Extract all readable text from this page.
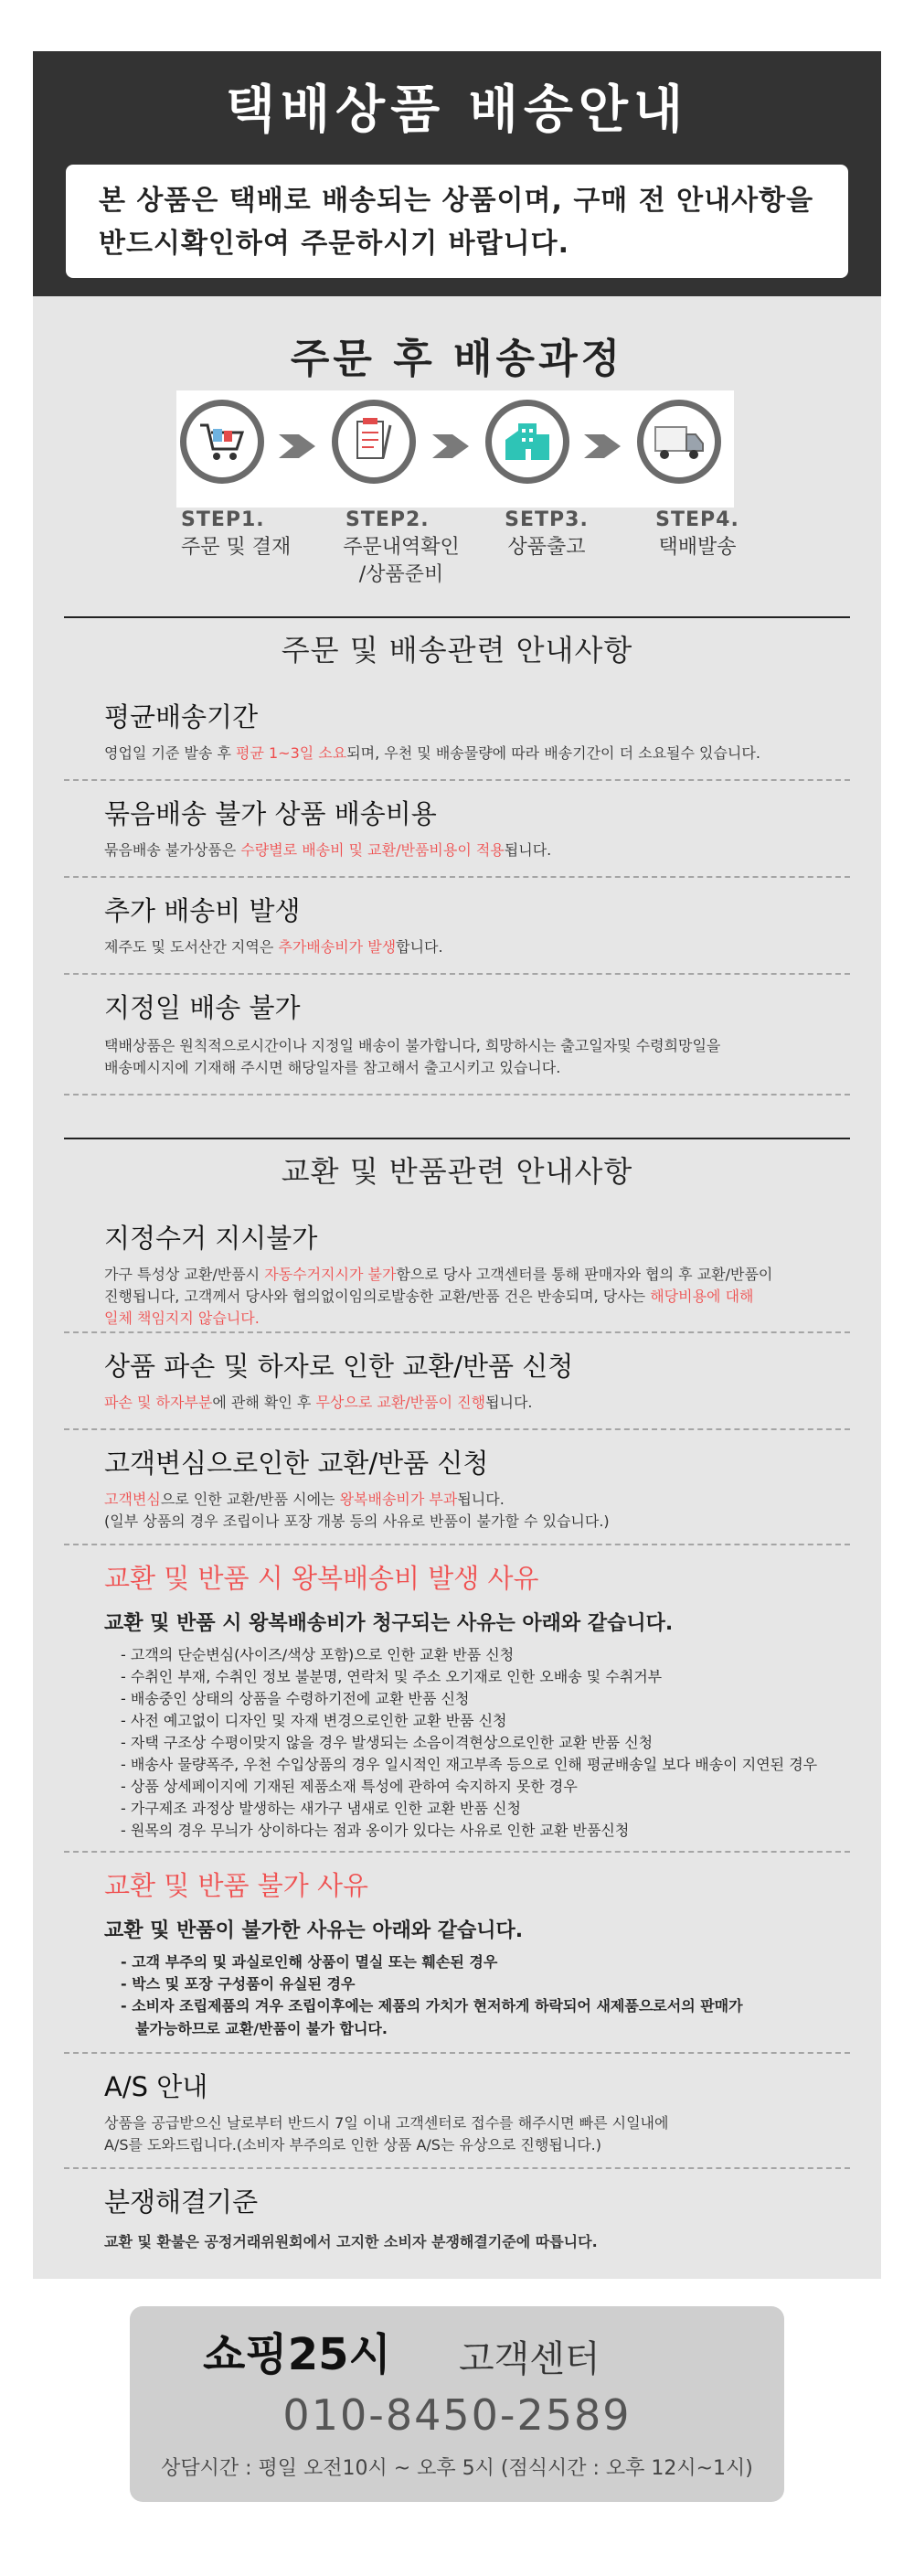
택배상품 배송안내
본 상품은 택배로 배송되는 상품이며, 구매 전 안내사항을
반드시확인하여 주문하시기 바랍니다.
주문 후 배송과정
STEP1.
주문 및 결재
STEP2.
주문내역확인
/상품준비
SETP3.
상품출고
STEP4.
택배발송
주문 및 배송관련 안내사항
평균배송기간

영업일 기준 발송 후 평균 1~3일 소요되며, 우천 및 배송물량에 따라 배송기간이 더 소요될수 있습니다.

묶음배송 불가 상품 배송비용

묶음배송 불가상품은 수량별로 배송비 및 교환/반품비용이 적용됩니다.

추가 배송비 발생

제주도 및 도서산간 지역은 추가배송비가 발생합니다.

지정일 배송 불가

택배상품은 원칙적으로시간이나 지정일 배송이 불가합니다, 희망하시는 출고일자및 수령희망일을
배송메시지에 기재해 주시면 해당일자를 참고해서 출고시키고 있습니다.

교환 및 반품관련 안내사항
지정수거 지시불가

가구 특성상 교환/반품시 자동수거지시가 불가함으로 당사 고객센터를 통해 판매자와 협의 후 교환/반품이
진행됩니다, 고객께서 당사와 협의없이임의로발송한 교환/반품 건은 반송되며, 당사는 해당비용에 대해
일체 책임지지 않습니다.

상품 파손 및 하자로 인한 교환/반품 신청

파손 및 하자부분에 관해 확인 후 무상으로 교환/반품이 진행됩니다.

고객변심으로인한 교환/반품 신청

고객변심으로 인한 교환/반품 시에는 왕복배송비가 부과됩니다.
(일부 상품의 경우 조립이나 포장 개봉 등의 사유로 반품이 불가할 수 있습니다.)

교환 및 반품 시 왕복배송비 발생 사유
교환 및 반품 시 왕복배송비가 청구되는 사유는 아래와 같습니다.
- 고객의 단순변심(사이즈/색상 포함)으로 인한 교환 반품 신청
- 수취인 부재, 수취인 정보 불분명, 연락처 및 주소 오기재로 인한 오배송 및 수취거부
- 배송중인 상태의 상품을 수령하기전에 교환 반품 신청
- 사전 예고없이 디자인 및 자재 변경으로인한 교환 반품 신청
- 자택 구조상 수평이맞지 않을 경우 발생되는 소음이격현상으로인한 교환 반품 신청
- 배송사 물량폭주, 우천 수입상품의 경우 일시적인 재고부족 등으로 인해 평균배송일 보다 배송이 지연된 경우
- 상품 상세페이지에 기재된 제품소재 특성에 관하여 숙지하지 못한 경우
- 가구제조 과정상 발생하는 새가구 냄새로 인한 교환 반품 신청
- 원목의 경우 무늬가 상이하다는 점과 옹이가 있다는 사유로 인한 교환 반품신청
교환 및 반품 불가 사유
교환 및 반품이 불가한 사유는 아래와 같습니다.
- 고객 부주의 및 과실로인해 상품이 멸실 또는 훼손된 경우
- 박스 및 포장 구성품이 유실된 경우
- 소비자 조립제품의 겨우 조립이후에는 제품의 가치가 현저하게 하락되어 새제품으로서의 판매가
불가능하므로 교환/반품이 불가 합니다.
A/S 안내

상품을 공급받으신 날로부터 반드시 7일 이내 고객센터로 접수를 해주시면 빠른 시일내에
A/S를 도와드립니다.(소비자 부주의로 인한 상품 A/S는 유상으로 진행됩니다.)

분쟁해결기준

교환 및 환불은 공정거래위원회에서 고지한 소비자 분쟁해결기준에 따릅니다.

쇼핑25시 고객센터
010-8450-2589
상담시간 : 평일 오전10시 ~ 오후 5시 (점식시간 : 오후 12시~1시)
